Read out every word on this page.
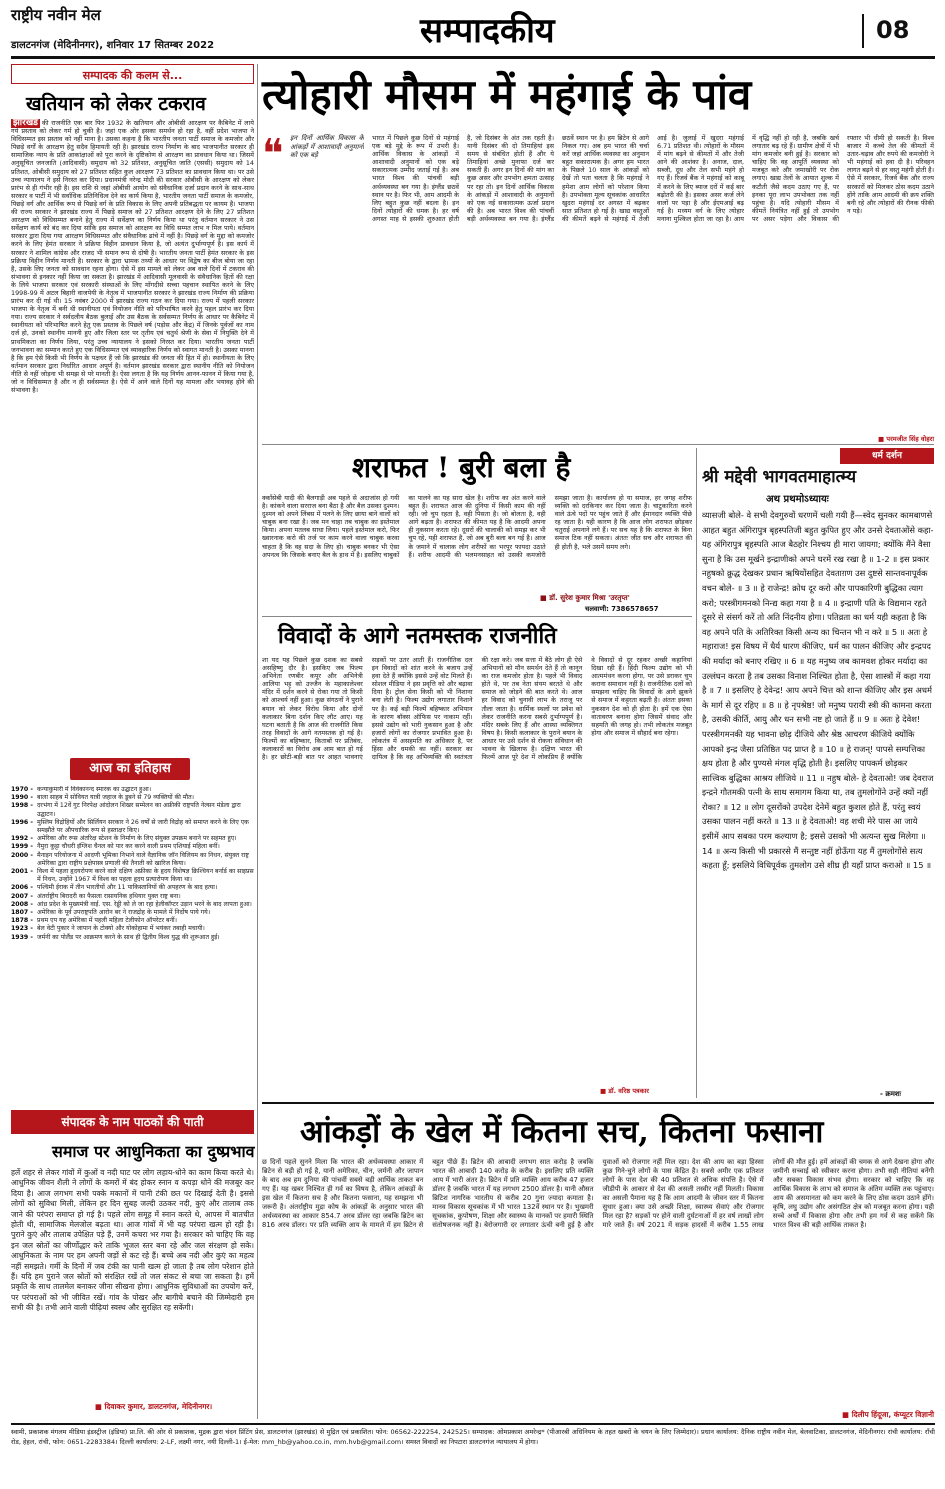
राष्ट्रीय नवीन मेल
डालटनगंज (मेदिनीनगर), शनिवार 17 सितम्बर 2022	सम्पादकीय	08
सम्पादक की कलम से...
खतियान को लेकर टकराव
झारखंड की राजनीति एक बार फिर 1932 के खतियान और ओबीसी आरक्षण पर कैबिनेट में लाये गये प्रस्ताव को लेकर गर्म हो चुकी है। जहां एक ओर इसका समर्थन हो रहा है, वहीं प्रदेश भाजपा ने विधिसम्मत इस प्रस्ताव को नहीं माना है। उसका कहना है कि भारतीय जनता पार्टी समाज के कमजोर और पिछड़े वर्गों के आरक्षण हेतु सदैव हिमायती रही है। झारखंड राज्य निर्माण के बाद भाजपानीत सरकार ही सामाजिक न्याय के प्रति आकांक्षाओं को पूरा करने के दृष्टिकोण से आरक्षण का प्रावधान किया था। जिसमें अनुसूचित जनजाति (आदिवासी) समुदाय को 32 प्रतिशत, अनुसूचित जाति (एससी) समुदाय को 14 प्रतिशत, ओबीसी समुदाय को 27 प्रतिशत सहित कुल आरक्षण 73 प्रतिशत का प्रावधान किया था। पर उसे उच्च न्यायालय ने इसे निरस्त कर दिया। प्रधानमंत्री नरेन्द्र मोदी की सरकार ओबीसी के आरक्षण को लेकर प्रारंभ से ही गंभीर रही है। इस राशि से जहां ओबीसी आयोग को संवैधानिक दर्जा प्रदान करने के साथ-साथ सरकार व पार्टी में भी सर्वाधिक प्रतिनिधित्व देने का कार्य किया है, भारतीय जनता पार्टी समाज के कमजोर, पिछड़े वर्ग और आर्थिक रूप से पिछड़े वर्ग के प्रति विकास के लिए अपनी प्रतिबद्धता पर कायम है। भाजपा की राज्य सरकार ने झारखंड राज्य में पिछड़े समाज को 27 प्रतिशत आरक्षण देने के लिए 27 प्रतिशत आरक्षण को विधिसम्मत बनाने हेतु राज्य में सर्वेक्षण का निर्णय किया था परंतु वर्तमान सरकार ने उस सर्वेक्षण कार्य को बंद कर दिया सांकि इस समाज को आरक्षण का विधि सम्मत लाभ न मिल पाये। वर्तमान सरकार द्वारा दिया गया आरक्षण विधिसम्मत और संवैधानिक ढांचे में नहीं है। पिछड़े वर्ग के मुद्दा को कमजोर करने के लिए हेमंत सरकार ने प्रक्रिया विहीन प्रावधान किया है, जो अत्यंत दुर्भाग्यपूर्ण है। इस कार्य में सरकार ने शामिल कांग्रेस और राजद भी समान रूप से दोषी है। भारतीय जनता पार्टी हेमंत सरकार के इस प्रक्रिया विहीन निर्णय मानती है। सरकार के द्वारा भ्रामक तथ्यों के आधार पर विद्वेष का बीज बोया जा रहा है, उसके लिए जनता को सावधान रहना होगा। ऐसे में इस मामले को लेकर अब वाले दिनों में टकराव की संभावना से इनकार नहीं किया जा सकता है। झारखंड में आदिवासी मूलवासी के संवैधानिक हितों की रक्षा के लिये भाजपा सरकार एवं सरकारी संस्थाओं के लिए माँगदीसे सच्चा पहचान स्थापित करने के लिए 1998-99 में अटल बिहारी वाजपेयी के नेतृत्व में भाजपानीत सरकार ने झारखंड राज्य निर्माण की प्रक्रिया प्रारंभ कर दी गई थी। 15 नवंबर 2000 में झारखंड राज्य गठन कर दिया गया। राज्य में पहली सरकार भाजपा के नेतृत्व में बनी थी स्थानीयता एवं नियोजन नीति को परिभाषित करने हेतु पहल प्रारंभ कर दिया गया। राज्य सरकार ने सर्वदलीय बैठक बुलाई और उस बैठक के सर्वसम्मत निर्णय के आधार पर कैबिनेट में स्थानीयता को परिभाषित करने हेतु एक प्रस्ताव के पिछले वर्ष (पड़ोस और केंद्र) में जिनके पूर्वजों का नाम दर्ज हो, उनको स्थानीय माननी हुए और जिला स्तर पर तृतीय एवं चतुर्थ श्रेणी के सेवा में नियुक्ति देने में प्राथमिकता का निर्णय लिया, परंतु उच्च न्यायालय ने इसको निरस्त कर दिया। भारतीय जनता पार्टी जनभावना का सम्मान करते हुए एक विधिसम्मत एवं व्यावहारिक निर्णय को स्वागत मानती है। उसका मानना है कि हम ऐसे किसी भी निर्णय के पक्षधर हैं जो कि झारखंड की जनता की हित में हो। स्थानीयता के लिए वर्तमान सरकार द्वारा निर्धारित आधार अपूर्ण है। वर्तमान झारखंड सरकार द्वारा स्थानीय नीति को नियोजन नीति से नहीं जोड़ना भी समझ से परे मानती है। ऐसा लगता है कि यह निर्णय आनन-फानन में किया गया है, जो न विधिसम्मत है और न ही सर्वसम्मत है। ऐसे में आने वाले दिनों यह मामला और भयावह होने की संभावना है।
आज का इतिहास
1970 - कन्याकुमारी में विवेकानन्द स्मारक का उद्घाटन हुआ।
1990 - बाला साहब में सोवियत यात्री जहाज के डूबने से 79 व्यक्तियों की मौत।
1998 - दरभंगा में 12वें गुट निरपेक्ष आंदोलन शिखर सम्मेलन का अफ्रीकी राष्ट्रपति नेल्सन मंडेला द्वारा उद्घाटन।
1996 - मुस्लिम विद्रोहियों और सिर्लियन सरकार ने 26 वर्षों से जारी विद्रोह को समाप्त करने के लिए एक समझौते पर औपचारिक रूप से हस्ताक्षर किए।
1992 - अमेरिका और रूस अंतरिक्ष स्टेशन के निर्माण के लिए संयुक्त उपक्रम बनाने पर सहमत हुए।
1999 - नैमुरा कुट्टा चौधरी इंग्लिश चैनल को पार कर करने वाली प्रथम एशियाई महिला बनीं।
2000 - मैनाइन परियोजना में आदणी भूमिका निभाने वाले वैज्ञानिक जॉन विलियम का निधन, संयुक्त राष्ट्र अमेरिका द्वारा राष्ट्रीय प्रक्षेपास्त्र प्रणाली की तैनाती को खारिज किया।
2001 - विश्व में पहला हृदयरोपण करने वाले दक्षिण अफ्रीका के हृदय विशेषज्ञ क्रिश्चियन बर्नार्ड का साइप्रस में निधन, उन्होंने 1967 में विश्व का पहला हृदय प्रत्यारोपण किया था।
2006 - पश्चिमी ईराक में तीन भारतीयों और 11 पाकिस्तानियों की अपहरण के बाद हत्या।
2007 - अंतर्राष्ट्रीय बिरादरी का फैसला रासायनिक हथियार युक्त राष्ट्र बना।
2008 - आंध्र प्रदेश के मुख्यमंत्री वाई. एस. रेड्डी को ले जा रहा हेलीकॉप्टर उड़ान भरने के बाद लापता हुआ।
1807 - अमेरिका के पूर्व उपराष्ट्रपति आरोन बर ने राजद्रोह के मामले में निर्दोष पाये गये।
1878 - प्रथम एप यह अमेरिका में पहली महिला टेलीफोन ऑपरेटर बनीं।
1923 - बेल वेटी पुकार ने जापान के टोक्यो और योकोहामा में भयंकर तबाही मचायी।
1939 - जर्मनी का पोलैंड पर आक्रमण करने के साथ ही द्वितीय विश्व युद्ध की शुरूआत हुई।
संपादक के नाम पाठकों की पाती
समाज पर आधुनिकता का दुष्प्रभाव
हर्ले शहर से लेकर गांवों में कुओं व नदी घाट पर लोग लहाय-धोने का काम किया करते थे। आधुनिक जीवन शैली ने लोगों के कमरों में बंद होकर स्नान व कपड़ा धोने की मजबूर कर दिया है। आज लगभग सभी पक्के मकानों में पानी टंकी छत पर दिखाई देती है। इससे लोगों को सुविधा मिली, लेकिन हर दिन सुबह जल्दी उठकर नदी, कुएं और तालाब तक जाने की परंपरा समाप्त हो गई है। पहले लोग समूह में स्नान करते थे, आपस में बातचीत होती थी, सामाजिक मेलजोल बढ़ता था। आज गांवों में भी यह परंपरा खत्म हो रही है। पुराने कुएं और तालाब उपेक्षित पड़े हैं, उनमें कचरा भर गया है। सरकार को चाहिए कि वह इन जल स्रोतों का जीर्णोद्धार करे ताकि भूजल स्तर बना रहे और जल संरक्षण हो सके। आधुनिकता के नाम पर हम अपनी जड़ों से कट रहे हैं। बच्चे अब नदी और कुएं का महत्व नहीं समझते। गर्मी के दिनों में जब टंकी का पानी खत्म हो जाता है तब लोग परेशान होते हैं। यदि हम पुराने जल स्रोतों को संरक्षित रखें तो जल संकट से बचा जा सकता है। हमें प्रकृति के साथ तालमेल बनाकर जीना सीखना होगा। आधुनिक सुविधाओं का उपयोग करें, पर परंपराओं को भी जीवित रखें। गांव के पोखर और बागीचे बचाने की जिम्मेदारी हम सभी की है। तभी आने वाली पीढ़ियां स्वस्थ और सुरक्षित रह सकेंगी।
■ दिवाकर कुमार, डालटनगंज, मेदिनीनगर।
त्योहारी मौसम में महंगाई के पांव
❝ इन दिनों आर्थिक विकास के आंकड़ों में आशावादी अनुमानों को एक बड़े
भारत में पिछले कुछ दिनों से महंगाई एक बड़े मुद्दे के रूप में उभरी है। आर्थिक विकास के आंकड़ों में आशावादी अनुमानों को एक बड़े सकारात्मक उम्मीद जताई गई है। अब भारत विश्व की पांचवीं बड़ी अर्थव्यवस्था बन गया है। इंग्लैंड छठवें स्थान पर है। फिर भी, आम आदमी के लिए बहुत कुछ नहीं बदला है। इन दिनों त्योहारों की धमक है। हर वर्ष अगस्त माह से इसकी शुरुआत होती है, जो दिसंबर के अंत तक रहती है। यानी दिसंबर की दो तिमाहियां इस समय से संबंधित होती हैं और ये तिमाहियां अच्छे मुनाफा दर्ज कर सकती हैं। अगर इन दिनों की मांग का कुछ असर और उपभोग क्षमता उत्साह पर रहा तो। इन दिनों आर्थिक विकास के आंकड़ों में आशावादी के अनुमानों को एक नई सकारात्मक ऊर्जा प्रदान की है। अब भारत विश्व की पांचवीं बड़ी अर्थव्यवस्था बन गया है। इंग्लैंड छठवें स्थान पर है। हम ब्रिटेन से आगे निकल गए। अब हम भारत की चर्चा करें जहां आर्थिक व्यवस्था का अनुमान बहुत सकारात्मक है। अगर हम भारत के पिछले 10 साल के आंकड़ों को देखें तो पता चलता है कि महंगाई ने हमेशा आम लोगों को परेशान किया है। उपभोक्ता मूल्य सूचकांक आधारित खुदरा महंगाई दर अगस्त में बढ़कर सात प्रतिशत हो गई है। खाद्य वस्तुओं की कीमतें बढ़ने से महंगाई में तेजी आई है। जुलाई में खुदरा महंगाई 6.71 प्रतिशत थी। त्योहारों के मौसम में मांग बढ़ने से कीमतों में और तेजी आने की आशंका है। अनाज, दाल, सब्जी, दूध और तेल सभी महंगे हो गए हैं। रिजर्व बैंक ने महंगाई को काबू में करने के लिए ब्याज दरों में कई बार बढ़ोतरी की है। इसका असर कर्ज लेने वालों पर पड़ा है और ईएमआई बढ़ गई है। मध्यम वर्ग के लिए त्योहार मनाना मुश्किल होता जा रहा है। आय में वृद्धि नहीं हो रही है, जबकि खर्च लगातार बढ़ रहे हैं। ग्रामीण क्षेत्रों में भी मांग कमजोर बनी हुई है। सरकार को चाहिए कि वह आपूर्ति व्यवस्था को मजबूत करे और जमाखोरी पर रोक लगाए। खाद्य तेलों के आयात शुल्क में कटौती जैसे कदम उठाए गए हैं, पर इनका पूरा लाभ उपभोक्ता तक नहीं पहुंचा है। यदि त्योहारी मौसम में कीमतें नियंत्रित नहीं हुईं तो उपभोग पर असर पड़ेगा और विकास की रफ्तार भी धीमी हो सकती है। विश्व बाजार में कच्चे तेल की कीमतों में उतार-चढ़ाव और रुपये की कमजोरी ने भी महंगाई को हवा दी है। परिवहन लागत बढ़ने से हर वस्तु महंगी होती है। ऐसे में सरकार, रिजर्व बैंक और राज्य सरकारों को मिलकर ठोस कदम उठाने होंगे ताकि आम आदमी की क्रय शक्ति बनी रहे और त्योहारों की रौनक फीकी न पड़े।
■ परमजीत सिंह वोहरा
शराफत ! बुरी बला है
क्काँसेबी यादी की बैलगाड़ी अब पहले से अदाजांस हो गयी है। कांकने वाला सरराज बना बैठा है और बैल उसका दुश्मन। दुश्मन को अपने लिंबस में पलने के लिए छाया बाने वालों को चाबुक बना रखा है। जब मन चाहा तब चाबुक का इस्तेमाल किया। अपना मतलब साधा लिया। पहले इस्तेमाल करो, फिर ख्वारनाक करो की तर्ज पर काम करने वाला चाबुक करवा चाहता है कि वह सदा के लिए हो। चाबुक बनकर भी ऐसा अपनत्व कि जिसके बनाए बैल के हाथ में है। इसलिए चाबुकों का पालने का यह सारा खेल है। शरीफ का अंत करने वाले बहुत हैं। शराफत आज की दुनिया में किसी काम की नहीं रही। जो चुप रहता है, वही पिसता है। जो बोलता है, वही आगे बढ़ता है। शराफत की कीमत यह है कि आदमी अपना ही नुकसान करता रहे। दूसरों की चालाकी को समझ कर भी चुप रहे, यही शराफत है, जो अब बुरी बला बन गई है। आज के जमाने में चालाक लोग शरीफों का भरपूर फायदा उठाते हैं। शरीफ आदमी की भलमनसाहत को उसकी कमजोरी समझा जाता है। कार्यालय हो या समाज, हर जगह शरीफ व्यक्ति को दरकिनार कर दिया जाता है। चाटुकारिता करने वाले ऊंचे पदों पर पहुंच जाते हैं और ईमानदार व्यक्ति पीछे रह जाता है। यही कारण है कि आज लोग शराफत छोड़कर चतुराई अपनाने लगे हैं। पर सच यह है कि शराफत के बिना समाज टिक नहीं सकता। अंततः जीत सच और शराफत की ही होती है, भले उसमें समय लगे।
■ डॉ. सुरेश कुमार मिश्रा 'उरतृप्त'
चलवाणी: 7386578657
विवादों के आगे नतमस्तक राजनीति
शा यद यह पिछले कुछ दशक का सबसे असहिष्णु दौर है। इसकिए जब फिल्म अभिनेता रणबीर कपूर और अभिनेत्री आलिया भट्ट को उज्जैन के महाकालेश्वर मंदिर में दर्शन करने से रोका गया तो किसी को आश्चर्य नहीं हुआ। कुछ संगठनों ने पुराने बयान को लेकर विरोध किया और दोनों कलाकार बिना दर्शन किए लौट आए। यह घटना बताती है कि आज की राजनीति किस तरह विवादों के आगे नतमस्तक हो गई है। फिल्मों का बहिष्कार, किताबों पर प्रतिबंध, कलाकारों का विरोध अब आम बात हो गई है। हर छोटी-बड़ी बात पर आहत भावनाएं सड़कों पर उतर आती हैं। राजनीतिक दल इन विवादों को शांत करने के बजाय उन्हें हवा देते हैं क्योंकि इससे उन्हें वोट मिलते हैं। सोशल मीडिया ने इस प्रवृत्ति को और बढ़ावा दिया है। ट्रोल सेना किसी को भी निशाना बना लेती है। फिल्म उद्योग लगातार निशाने पर है। कई बड़ी फिल्में बहिष्कार अभियान के कारण बॉक्स ऑफिस पर नाकाम रहीं। इससे उद्योग को भारी नुकसान हुआ है और हजारों लोगों का रोजगार प्रभावित हुआ है। लोकतंत्र में असहमति का अधिकार है, पर हिंसा और धमकी का नहीं। सरकार का दायित्व है कि वह अभिव्यक्ति की स्वतंत्रता की रक्षा करे। जब सत्ता में बैठे लोग ही ऐसे अभियानों को मौन समर्थन देते हैं तो कानून का राज कमजोर होता है। पहले भी विवाद होते थे, पर तब नेता संयम बरतते थे और समाज को जोड़ने की बात करते थे। आज हर विवाद को चुनावी लाभ के तराजू पर तौला जाता है। धार्मिक स्थलों पर प्रवेश को लेकर राजनीति करना सबसे दुर्भाग्यपूर्ण है। मंदिर सबके लिए हैं और आस्था व्यक्तिगत विषय है। किसी कलाकार के पुराने बयान के आधार पर उसे दर्शन से रोकना संविधान की भावना के खिलाफ है। दक्षिण भारत की फिल्में आज पूरे देश में लोकप्रिय हैं क्योंकि वे विवादों से दूर रहकर अच्छी कहानियां दिखा रही हैं। हिंदी फिल्म उद्योग को भी आत्ममंथन करना होगा, पर उसे डराकर चुप कराना समाधान नहीं है। राजनीतिक दलों को समझना चाहिए कि विवादों के आगे झुकने से समाज में कट्टरता बढ़ती है। अंततः इसका नुकसान देश को ही होता है। हमें एक ऐसा वातावरण बनाना होगा जिसमें संवाद और सहमति की जगह हो। तभी लोकतंत्र मजबूत होगा और समाज में सौहार्द बना रहेगा।
■ डॉ. वरिष्ठ पत्रकार
धर्म दर्शन
श्री मद्देवी भागवतमाहात्म्य
अथ प्रथमोऽध्यायः
व्यासजी बोले- वे सभी देवगुरुवों धरणमें चली गयी हैं—स्वेद सुनकर कामबाणसे आहत बहुत अंगिरापुत्र बृहस्पतिजी बहुत कुपित हुए और उनसे देवताओंसे कहा- यह अंगिरापुत्र बृहस्पति आज बैठहोर निश्चय ही मारा जायगा; क्योंकि मैंने वैसा सुना है कि उस मूर्खने इन्द्राणीको अपने घरमें रख रखा है ॥ 1-2 ॥ इस प्रकार नहुषको क्रुद्ध देखकर प्रधान ऋषियोंसहित देवताग़ण उस दुष्टसे सान्तवनापूर्वक वचन बोले- ॥ 3 ॥ हे राजेन्द्र! क्रोध दूर करो और पापकारिणी बुद्धिका त्याग करो; परस्त्रीगमनको निन्द्य कहा गया है ॥ 4 ॥ इन्द्राणी पति के विद्यमान रहते दूसरे से संसर्ग करें तो अति निंदनीय होगा। पतिव्रता का धर्म यही कहता है कि वह अपने पति के अतिरिक्त किसी अन्य का चिन्तन भी न करे ॥ 5 ॥ अतः हे महाराज! इस विषय में धैर्य धारण कीजिए, धर्म का पालन कीजिए और इन्द्रपद की मर्यादा को बनाए रखिए ॥ 6 ॥ यह मनुष्य जब कामवश होकर मर्यादा का उल्लंघन करता है तब उसका विनाश निश्चित होता है, ऐसा शास्त्रों में कहा गया है ॥ 7 ॥ इसलिए हे देवेन्द्र! आप अपने चित्त को शान्त कीजिए और इस अधर्म के मार्ग से दूर रहिए ॥ 8 ॥ हे नृपश्रेष्ठ! जो मनुष्य परायी स्त्री की कामना करता है, उसकी कीर्ति, आयु और धन सभी नष्ट हो जाते हैं ॥ 9 ॥ अतः हे देवेश! परस्त्रीगमनकी यह भावना छोड़ दीजिये और श्रेष्ठ आचरण कीजिये क्योंकि आपको इन्द्र जैसा प्रतिष्ठित पद प्राप्त है ॥ 10 ॥ हे राजन्! पापसे सम्पत्तिका क्षय होता है और पुण्यसे मंगल वृद्धि होती है। इसलिए पापकर्म छोड़कर सात्त्विक बुद्धिका आश्रय लीजिये ॥ 11 ॥ नहुष बोले- हे देवताओ! जब देवराज इन्द्रने गौतमकी पत्नी के साथ समागम किया था, तब तुमलोगोंने उन्हें क्यों नहीं रोका? ॥ 12 ॥ लोग दूसरोंको उपदेश देनेमें बहुत कुशल होते हैं, परंतु स्वयं उसका पालन नहीं करते ॥ 13 ॥ हे देवताओ! वह शची मेरे पास आ जाये इसीमें आप सबका परम कल्याण है; इससे उसको भी अत्यन्त सुख मिलेगा ॥ 14 ॥ अन्य किसी भी प्रकारसे मैं सन्तुष्ट नहीं होऊँगा यह मैं तुमलोगोंसे सत्य कहता हूँ; इसलिये विधिपूर्वक तुमलोग उसे शीघ्र ही यहाँ प्राप्त कराओ ॥ 15 ॥
- क्रमशः
आंकड़ों के खेल में कितना सच, कितना फसाना
छ दिनों पहले सुनने मिला कि भारत की अर्थव्यवस्था आकार में ब्रिटेन से बड़ी हो गई है, यानी अमेरिका, चीन, जर्मनी और जापान के बाद अब हम दुनिया की पांचवीं सबसे बड़ी आर्थिक ताकत बन गए हैं। यह खबर निश्चित ही गर्व का विषय है, लेकिन आंकड़ों के इस खेल में कितना सच है और कितना फसाना, यह समझना भी जरूरी है। अंतर्राष्ट्रीय मुद्रा कोष के आंकड़ों के अनुसार भारत की अर्थव्यवस्था का आकार 854.7 अरब डॉलर रहा जबकि ब्रिटेन का 816 अरब डॉलर। पर प्रति व्यक्ति आय के मामले में हम ब्रिटेन से बहुत पीछे हैं। ब्रिटेन की आबादी लगभग सात करोड़ है जबकि भारत की आबादी 140 करोड़ के करीब है। इसलिए प्रति व्यक्ति आय में भारी अंतर है। ब्रिटेन में प्रति व्यक्ति आय करीब 47 हजार डॉलर है जबकि भारत में यह लगभग 2500 डॉलर है। यानी औसत ब्रिटिश नागरिक भारतीय से करीब 20 गुना ज्यादा कमाता है। मानव विकास सूचकांक में भी भारत 132वें स्थान पर है। भुखमरी सूचकांक, कुपोषण, शिक्षा और स्वास्थ्य के मानकों पर हमारी स्थिति संतोषजनक नहीं है। बेरोजगारी दर लगातार ऊंची बनी हुई है और युवाओं को रोजगार नहीं मिल रहा। देश की आय का बड़ा हिस्सा कुछ गिने-चुने लोगों के पास केंद्रित है। सबसे अमीर एक प्रतिशत लोगों के पास देश की 40 प्रतिशत से अधिक संपत्ति है। ऐसे में जीडीपी के आकार से देश की असली तस्वीर नहीं मिलती। विकास का असली पैमाना यह है कि आम आदमी के जीवन स्तर में कितना सुधार हुआ। क्या उसे अच्छी शिक्षा, स्वास्थ्य सेवाएं और रोजगार मिल रहा है? सड़कों पर होने वाली दुर्घटनाओं में हर वर्ष लाखों लोग मारे जाते हैं। वर्ष 2021 में सड़क हादसों में करीब 1.55 लाख लोगों की मौत हुई। हमें आंकड़ों की चमक से आगे देखना होगा और जमीनी सच्चाई को स्वीकार करना होगा। तभी सही नीतियां बनेंगी और सबका विकास संभव होगा। सरकार को चाहिए कि वह आर्थिक विकास के लाभ को समाज के अंतिम व्यक्ति तक पहुंचाए। आय की असमानता को कम करने के लिए ठोस कदम उठाने होंगे। कृषि, लघु उद्योग और असंगठित क्षेत्र को मजबूत करना होगा। यही सच्चे अर्थों में विकास होगा और तभी हम गर्व से कह सकेंगे कि भारत विश्व की बड़ी आर्थिक ताकत है।
■ दिलीप हिंदूजा, कंप्यूटर विज्ञानी
स्वामी, प्रकाशक मंगलम मीडिया इंडस्ट्रीज (इंडिया) प्रा.लि. की ओर से प्रकाशक, मुद्रक द्वारा चंदन प्रिंटिंग प्रेस, डालटनगंज (झारखंड) से मुद्रित एवं प्रकाशित। फोन: 06562-222254, 242525। सम्पादक: ओमप्रकाश अमरेन्द्र* (पीआरबी अधिनियम के तहत खबरों के चयन के लिए जिम्मेदार)। प्रधान कार्यालय: दैनिक राष्ट्रीय नवीन मेल, बेलवाटिका, डालटनगंज, मेदिनीनगर। रांची कार्यालय: राँची रोड, हेहल, रांची, फोन: 0651-2283384। दिल्ली कार्यालय: 2-LF, लक्ष्मी नगर, नयी दिल्ली-1। ई-मेल: mm_hb@yahoo.co.in, mm.hvb@gmail.com। समस्त विवादों का निपटारा डालटनगंज न्यायालय में होगा।
